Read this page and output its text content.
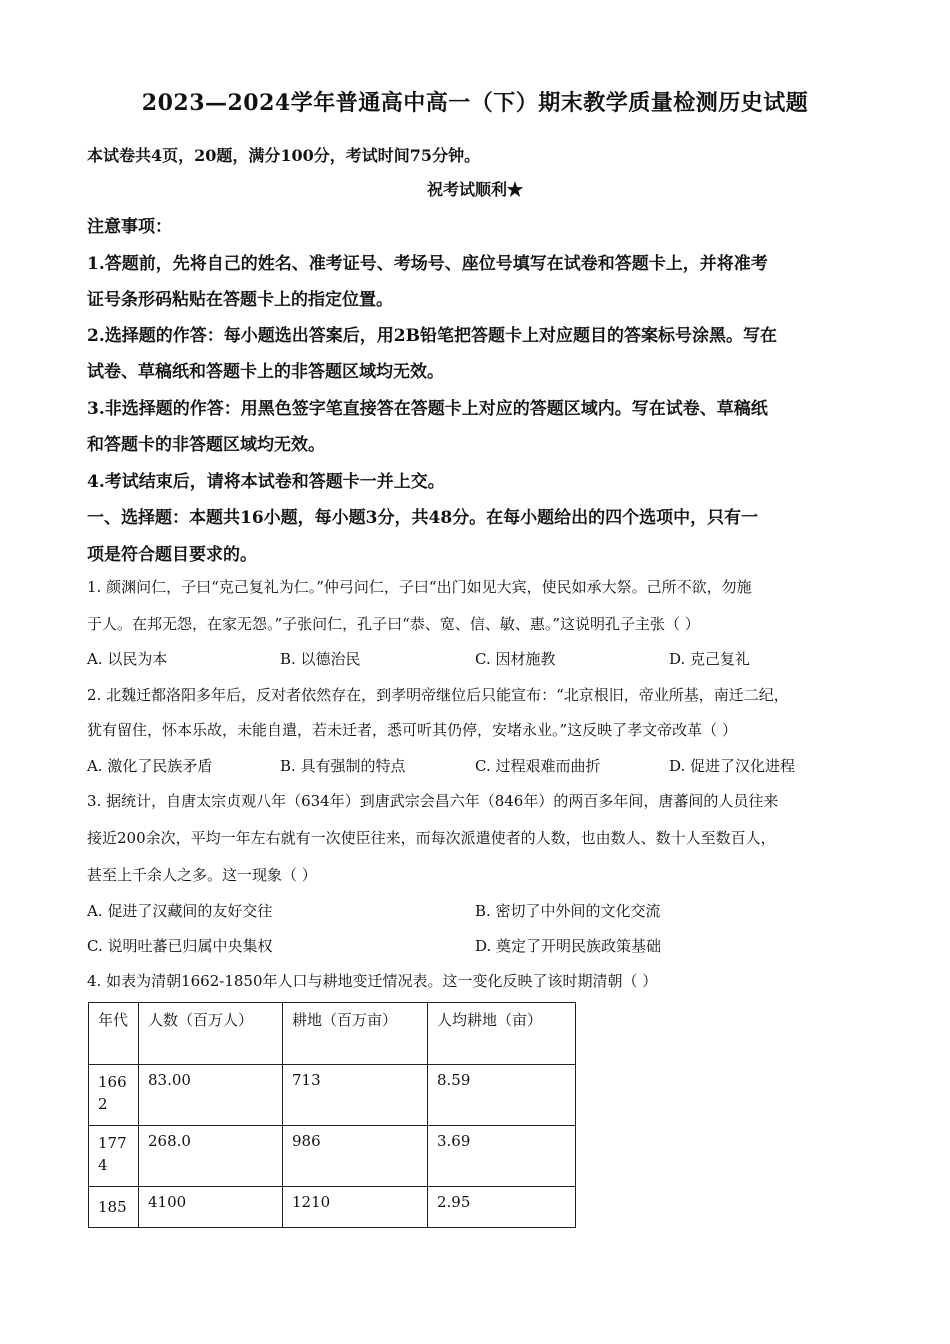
2023—2024学年普通高中高一（下）期末教学质量检测历史试题
本试卷共4页，20题，满分100分，考试时间75分钟。
祝考试顺利★
注意事项：
1.答题前，先将自己的姓名、准考证号、考场号、座位号填写在试卷和答题卡上，并将准考
证号条形码粘贴在答题卡上的指定位置。
2.选择题的作答：每小题选出答案后，用2B铅笔把答题卡上对应题目的答案标号涂黑。写在
试卷、草稿纸和答题卡上的非答题区域均无效。
3.非选择题的作答：用黑色签字笔直接答在答题卡上对应的答题区域内。写在试卷、草稿纸
和答题卡的非答题区域均无效。
4.考试结束后，请将本试卷和答题卡一并上交。
一、选择题：本题共16小题，每小题3分，共48分。在每小题给出的四个选项中，只有一
项是符合题目要求的。
1. 颜渊问仁，子曰“克己复礼为仁。”仲弓问仁，子曰“出门如见大宾，使民如承大祭。己所不欲，勿施
于人。在邦无怨，在家无怨。”子张问仁，孔子曰“恭、宽、信、敏、惠。”这说明孔子主张（ ）
A. 以民为本	B. 以德治民	C. 因材施教	D. 克己复礼
2. 北魏迁都洛阳多年后，反对者依然存在，到孝明帝继位后只能宣布：“北京根旧，帝业所基，南迁二纪，
犹有留住，怀本乐故，未能自遣，若未迁者，悉可听其仍停，安堵永业。”这反映了孝文帝改革（ ）
A. 激化了民族矛盾	B. 具有强制的特点	C. 过程艰难而曲折	D. 促进了汉化进程
3. 据统计，自唐太宗贞观八年（634年）到唐武宗会昌六年（846年）的两百多年间，唐蕃间的人员往来
接近200余次，平均一年左右就有一次使臣往来，而每次派遣使者的人数，也由数人、数十人至数百人，
甚至上千余人之多。这一现象（ ）
A. 促进了汉藏间的友好交往	B. 密切了中外间的文化交流
C. 说明吐蕃已归属中央集权	D. 奠定了开明民族政策基础
4. 如表为清朝1662-1850年人口与耕地变迁情况表。这一变化反映了该时期清朝（ ）
年代	人数（百万人）	耕地（百万亩）	人均耕地（亩）

1662	83.00	713	8.59

1774	268.0	986	3.69

185	4100	1210	2.95
